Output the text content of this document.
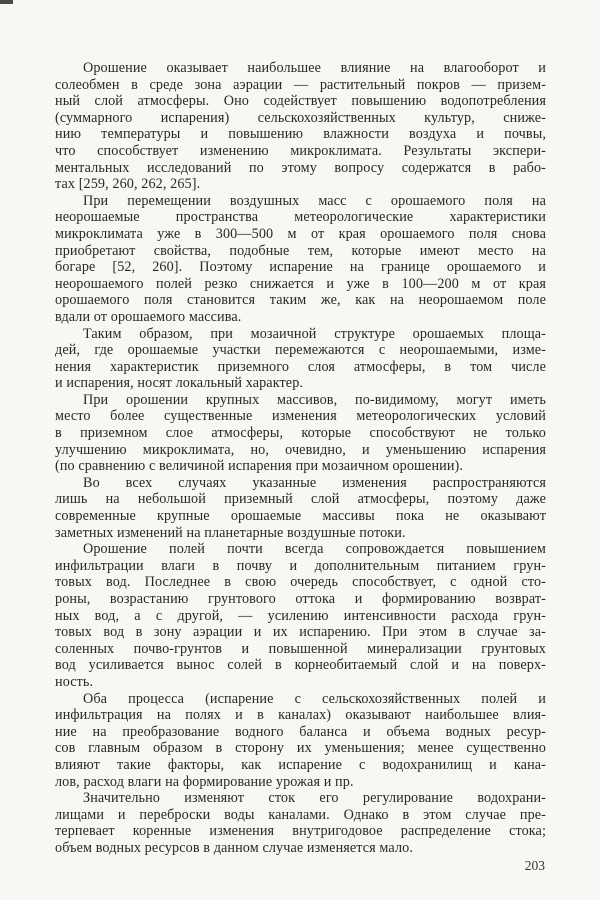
Орошение оказывает наибольшее влияние на влагооборот и
солеобмен в среде зона аэрации — растительный покров — призем-
ный слой атмосферы. Оно содействует повышению водопотребления
(суммарного испарения) сельскохозяйственных культур, сниже-
нию температуры и повышению влажности воздуха и почвы,
что способствует изменению микроклимата. Результаты экспери-
ментальных исследований по этому вопросу содержатся в рабо-
тах [259, 260, 262, 265].
При перемещении воздушных масс с орошаемого поля на
неорошаемые пространства метеорологические характеристики
микроклимата уже в 300—500 м от края орошаемого поля снова
приобретают свойства, подобные тем, которые имеют место на
богаре [52, 260]. Поэтому испарение на границе орошаемого и
неорошаемого полей резко снижается и уже в 100—200 м от края
орошаемого поля становится таким же, как на неорошаемом поле
вдали от орошаемого массива.
Таким образом, при мозаичной структуре орошаемых площа-
дей, где орошаемые участки перемежаются с неорошаемыми, изме-
нения характеристик приземного слоя атмосферы, в том числе
и испарения, носят локальный характер.
При орошении крупных массивов, по-видимому, могут иметь
место более существенные изменения метеорологических условий
в приземном слое атмосферы, которые способствуют не только
улучшению микроклимата, но, очевидно, и уменьшению испарения
(по сравнению с величиной испарения при мозаичном орошении).
Во всех случаях указанные изменения распространяются
лишь на небольшой приземный слой атмосферы, поэтому даже
современные крупные орошаемые массивы пока не оказывают
заметных изменений на планетарные воздушные потоки.
Орошение полей почти всегда сопровождается повышением
инфильтрации влаги в почву и дополнительным питанием грун-
товых вод. Последнее в свою очередь способствует, с одной сто-
роны, возрастанию грунтового оттока и формированию возврат-
ных вод, а с другой, — усилению интенсивности расхода грун-
товых вод в зону аэрации и их испарению. При этом в случае за-
соленных почво-грунтов и повышенной минерализации грунтовых
вод усиливается вынос солей в корнеобитаемый слой и на поверх-
ность.
Оба процесса (испарение с сельскохозяйственных полей и
инфильтрация на полях и в каналах) оказывают наибольшее влия-
ние на преобразование водного баланса и объема водных ресур-
сов главным образом в сторону их уменьшения; менее существенно
влияют такие факторы, как испарение с водохранилищ и кана-
лов, расход влаги на формирование урожая и пр.
Значительно изменяют сток его регулирование водохрани-
лищами и переброски воды каналами. Однако в этом случае пре-
терпевает коренные изменения внутригодовое распределение стока;
объем водных ресурсов в данном случае изменяется мало.
203
